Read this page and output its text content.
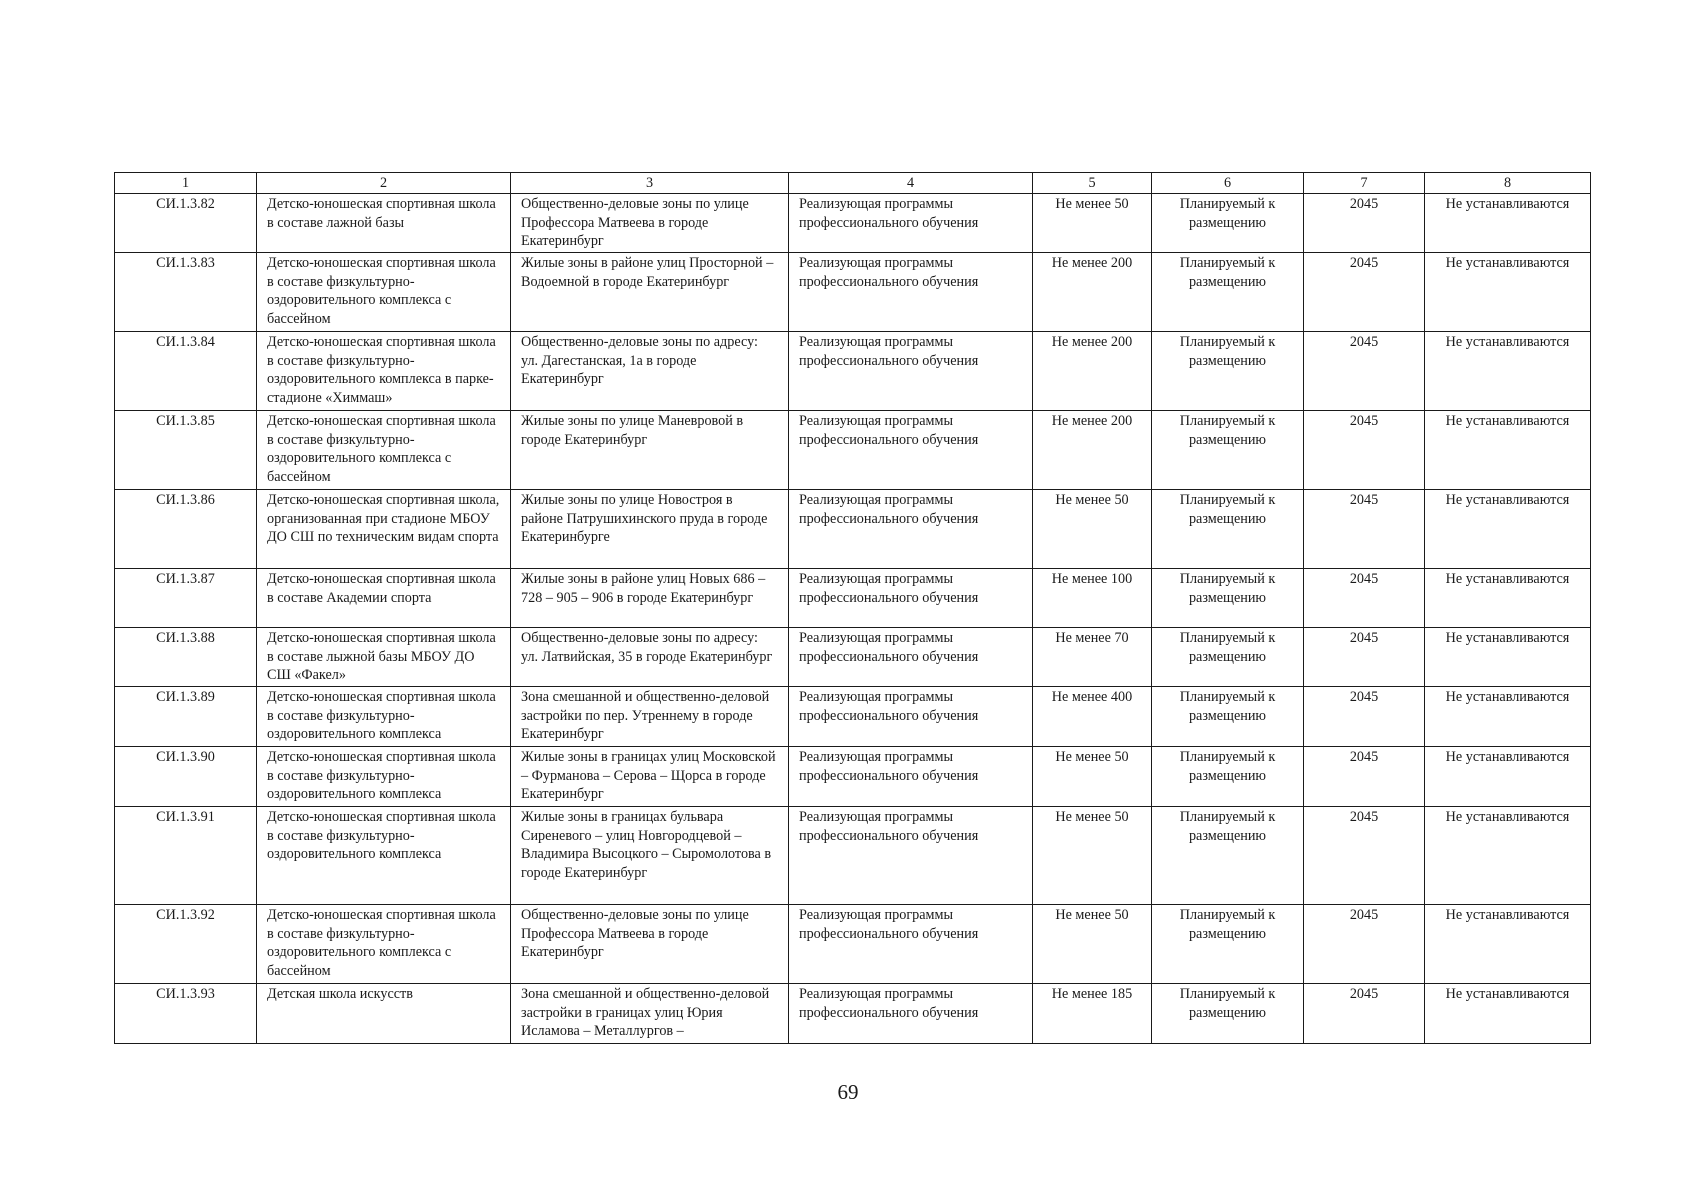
1	2	3	4	5	6	7	8
СИ.1.3.82	Детско-юношеская спортивная школа в составе лажной базы	Общественно-деловые зоны по улице Профессора Матвеева в городе Екатеринбург	Реализующая программы профессионального обучения	Не менее 50	Планируемый к размещению	2045	Не устанавливаются
СИ.1.3.83	Детско-юношеская спортивная школа в составе физкультурно-оздоровительного комплекса с бассейном	Жилые зоны в районе улиц Просторной – Водоемной в городе Екатеринбург	Реализующая программы профессионального обучения	Не менее 200	Планируемый к размещению	2045	Не устанавливаются
СИ.1.3.84	Детско-юношеская спортивная школа в составе физкультурно-оздоровительного комплекса в парке-стадионе «Химмаш»	Общественно-деловые зоны по адресу: ул. Дагестанская, 1а в городе Екатеринбург	Реализующая программы профессионального обучения	Не менее 200	Планируемый к размещению	2045	Не устанавливаются
СИ.1.3.85	Детско-юношеская спортивная школа в составе физкультурно-оздоровительного комплекса с бассейном	Жилые зоны по улице Маневровой в городе Екатеринбург	Реализующая программы профессионального обучения	Не менее 200	Планируемый к размещению	2045	Не устанавливаются
СИ.1.3.86	Детско-юношеская спортивная школа, организованная при стадионе МБОУ ДО СШ по техническим видам спорта	Жилые зоны по улице Новостроя в районе Патрушихинского пруда в городе Екатеринбурге	Реализующая программы профессионального обучения	Не менее 50	Планируемый к размещению	2045	Не устанавливаются
СИ.1.3.87	Детско-юношеская спортивная школа в составе Академии спорта	Жилые зоны в районе улиц Новых 686 – 728 – 905 – 906 в городе Екатеринбург	Реализующая программы профессионального обучения	Не менее 100	Планируемый к размещению	2045	Не устанавливаются
СИ.1.3.88	Детско-юношеская спортивная школа в составе лыжной базы МБОУ ДО СШ «Факел»	Общественно-деловые зоны по адресу: ул. Латвийская, 35 в городе Екатеринбург	Реализующая программы профессионального обучения	Не менее 70	Планируемый к размещению	2045	Не устанавливаются
СИ.1.3.89	Детско-юношеская спортивная школа в составе физкультурно-оздоровительного комплекса	Зона смешанной и общественно-деловой застройки по пер. Утреннему в городе Екатеринбург	Реализующая программы профессионального обучения	Не менее 400	Планируемый к размещению	2045	Не устанавливаются
СИ.1.3.90	Детско-юношеская спортивная школа в составе физкультурно-оздоровительного комплекса	Жилые зоны в границах улиц Московской – Фурманова – Серова – Щорса в городе Екатеринбург	Реализующая программы профессионального обучения	Не менее 50	Планируемый к размещению	2045	Не устанавливаются
СИ.1.3.91	Детско-юношеская спортивная школа в составе физкультурно-оздоровительного комплекса	Жилые зоны в границах бульвара Сиреневого – улиц Новгородцевой – Владимира Высоцкого – Сыромолотова в городе Екатеринбург	Реализующая программы профессионального обучения	Не менее 50	Планируемый к размещению	2045	Не устанавливаются
СИ.1.3.92	Детско-юношеская спортивная школа в составе физкультурно-оздоровительного комплекса с бассейном	Общественно-деловые зоны по улице Профессора Матвеева в городе Екатеринбург	Реализующая программы профессионального обучения	Не менее 50	Планируемый к размещению	2045	Не устанавливаются
СИ.1.3.93	Детская школа искусств	Зона смешанной и общественно-деловой застройки в границах улиц Юрия Исламова – Металлургов –	Реализующая программы профессионального обучения	Не менее 185	Планируемый к размещению	2045	Не устанавливаются
69
